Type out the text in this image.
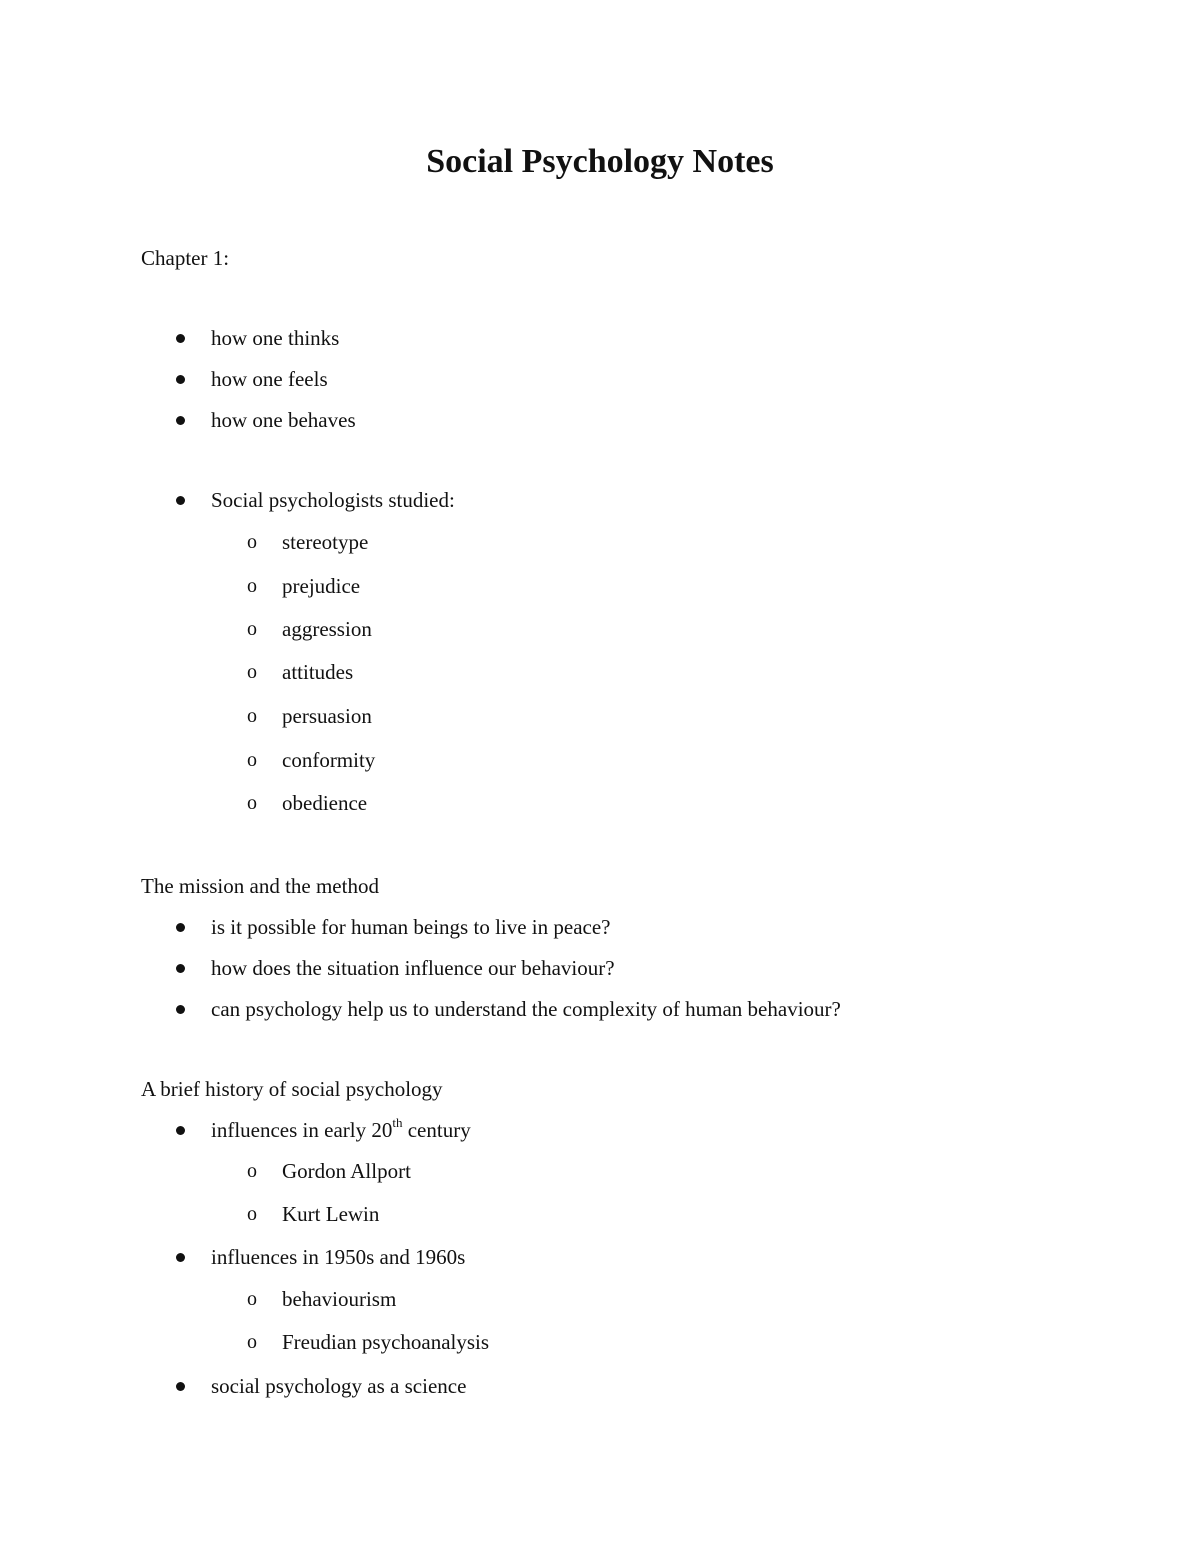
Social Psychology Notes
Chapter 1:
how one thinks
how one feels
how one behaves
Social psychologists studied:
o stereotype
o prejudice
o aggression
o attitudes
o persuasion
o conformity
o obedience
The mission and the method
is it possible for human beings to live in peace?
how does the situation influence our behaviour?
can psychology help us to understand the complexity of human behaviour?
A brief history of social psychology
influences in early 20th century
o Gordon Allport
o Kurt Lewin
influences in 1950s and 1960s
o behaviourism
o Freudian psychoanalysis
social psychology as a science
